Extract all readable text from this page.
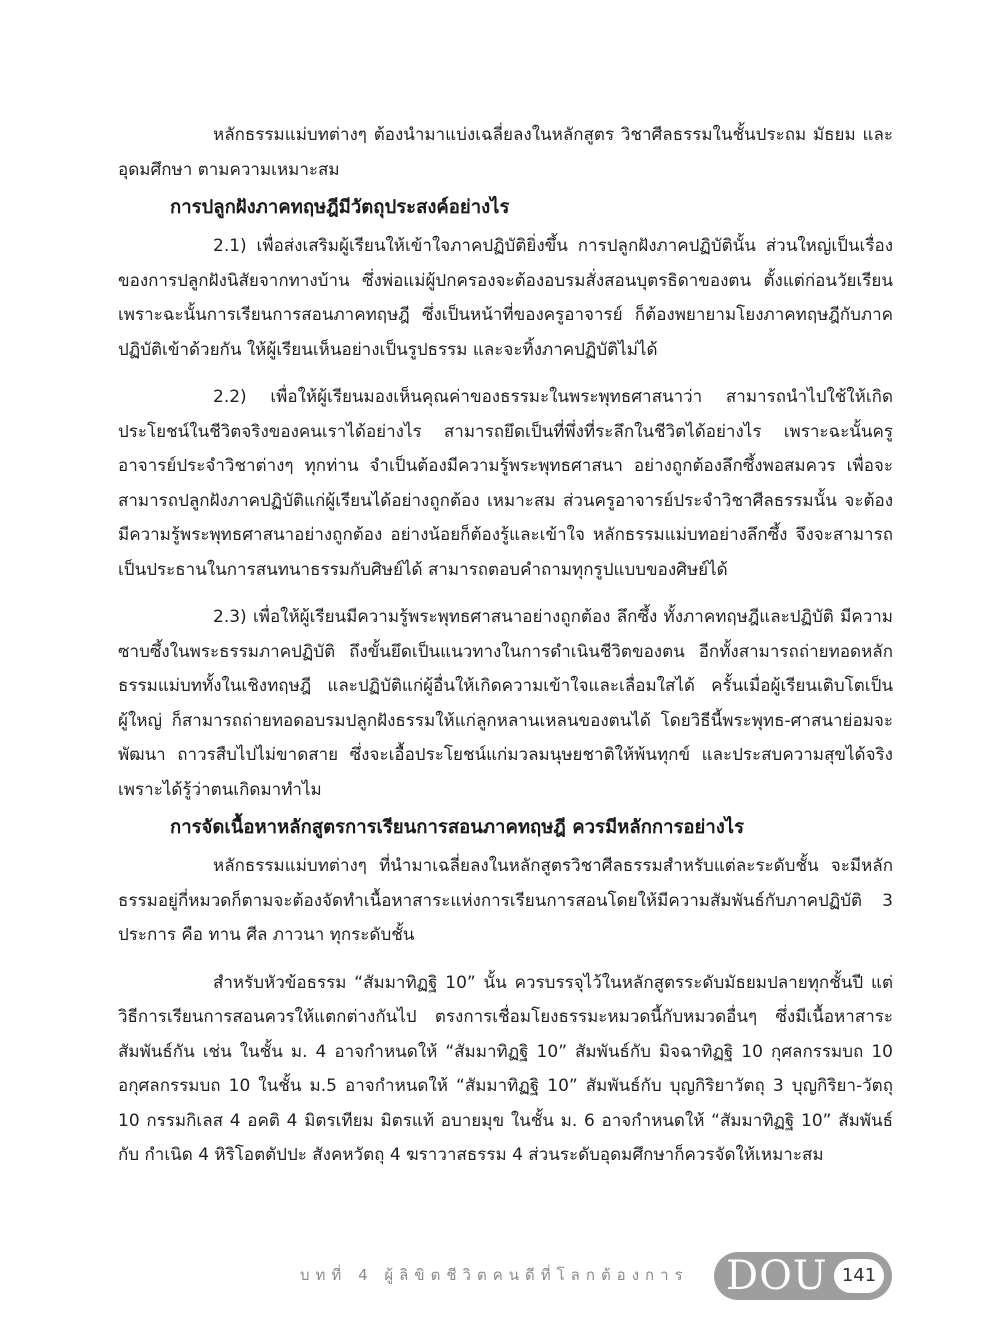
หลักธรรมแม่บทต่างๆ ต้องนำมาแบ่งเฉลี่ยลงในหลักสูตร วิชาศีลธรรมในชั้นประถม มัธยม และอุดมศึกษา ตามความเหมาะสม

การปลูกฝังภาคทฤษฎีมีวัตถุประสงค์อย่างไร

2.1) เพื่อส่งเสริมผู้เรียนให้เข้าใจภาคปฏิบัติยิ่งขึ้น การปลูกฝังภาคปฏิบัตินั้น ส่วนใหญ่เป็นเรื่องของการปลูกฝังนิสัยจากทางบ้าน ซึ่งพ่อแม่ผู้ปกครองจะต้องอบรมสั่งสอนบุตรธิดาของตน ตั้งแต่ก่อนวัยเรียน เพราะฉะนั้นการเรียนการสอนภาคทฤษฎี ซึ่งเป็นหน้าที่ของครูอาจารย์ ก็ต้องพยายามโยงภาคทฤษฎีกับภาคปฏิบัติเข้าด้วยกัน ให้ผู้เรียนเห็นอย่างเป็นรูปธรรม และจะทิ้งภาคปฏิบัติไม่ได้

2.2) เพื่อให้ผู้เรียนมองเห็นคุณค่าของธรรมะในพระพุทธศาสนาว่า สามารถนำไปใช้ให้เกิดประโยชน์ในชีวิตจริงของคนเราได้อย่างไร สามารถยึดเป็นที่พึ่งที่ระลึกในชีวิตได้อย่างไร เพราะฉะนั้นครูอาจารย์ประจำวิชาต่างๆ ทุกท่าน จำเป็นต้องมีความรู้พระพุทธศาสนา อย่างถูกต้องลึกซึ้งพอสมควร เพื่อจะสามารถปลูกฝังภาคปฏิบัติแก่ผู้เรียนได้อย่างถูกต้อง เหมาะสม ส่วนครูอาจารย์ประจำวิชาศีลธรรมนั้น จะต้องมีความรู้พระพุทธศาสนาอย่างถูกต้อง อย่างน้อยก็ต้องรู้และเข้าใจ หลักธรรมแม่บทอย่างลึกซึ้ง จึงจะสามารถเป็นประธานในการสนทนาธรรมกับศิษย์ได้ สามารถตอบคำถามทุกรูปแบบของศิษย์ได้

2.3) เพื่อให้ผู้เรียนมีความรู้พระพุทธศาสนาอย่างถูกต้อง ลึกซึ้ง ทั้งภาคทฤษฎีและปฏิบัติ มีความซาบซึ้งในพระธรรมภาคปฏิบัติ ถึงขั้นยึดเป็นแนวทางในการดำเนินชีวิตของตน อีกทั้งสามารถถ่ายทอดหลักธรรมแม่บททั้งในเชิงทฤษฎี และปฏิบัติแก่ผู้อื่นให้เกิดความเข้าใจและเลื่อมใสได้ ครั้นเมื่อผู้เรียนเติบโตเป็นผู้ใหญ่ ก็สามารถถ่ายทอดอบรมปลูกฝังธรรมให้แก่ลูกหลานเหลนของตนได้ โดยวิธีนี้พระพุทธ-ศาสนาย่อมจะพัฒนา ถาวรสืบไปไม่ขาดสาย ซึ่งจะเอื้อประโยชน์แก่มวลมนุษยชาติให้พ้นทุกข์ และประสบความสุขได้จริง เพราะได้รู้ว่าตนเกิดมาทำไม

การจัดเนื้อหาหลักสูตรการเรียนการสอนภาคทฤษฎี ควรมีหลักการอย่างไร

หลักธรรมแม่บทต่างๆ ที่นำมาเฉลี่ยลงในหลักสูตรวิชาศีลธรรมสำหรับแต่ละระดับชั้น จะมีหลักธรรมอยู่กี่หมวดก็ตามจะต้องจัดทำเนื้อหาสาระแห่งการเรียนการสอนโดยให้มีความสัมพันธ์กับภาคปฏิบัติ 3 ประการ คือ ทาน ศีล ภาวนา ทุกระดับชั้น

สำหรับหัวข้อธรรม “สัมมาทิฏฐิ 10” นั้น ควรบรรจุไว้ในหลักสูตรระดับมัธยมปลายทุกชั้นปี แต่วิธีการเรียนการสอนควรให้แตกต่างกันไป ตรงการเชื่อมโยงธรรมะหมวดนี้กับหมวดอื่นๆ ซึ่งมีเนื้อหาสาระสัมพันธ์กัน เช่น ในชั้น ม. 4 อาจกำหนดให้ “สัมมาทิฏฐิ 10” สัมพันธ์กับ มิจฉาทิฏฐิ 10 กุศลกรรมบถ 10 อกุศลกรรมบถ 10 ในชั้น ม.5 อาจกำหนดให้ “สัมมาทิฏฐิ 10” สัมพันธ์กับ บุญกิริยาวัตถุ 3 บุญกิริยา-วัตถุ 10 กรรมกิเลส 4 อคติ 4 มิตรเทียม มิตรแท้ อบายมุข ในชั้น ม. 6 อาจกำหนดให้ “สัมมาทิฏฐิ 10” สัมพันธ์กับ กำเนิด 4 หิริโอตตัปปะ สังคหวัตถุ 4 ฆราวาสธรรม 4 ส่วนระดับอุดมศึกษาก็ควรจัดให้เหมาะสม

บทที่ 4 ผู้ลิขิตชีวิตคนดีที่โลกต้องการ DOU 141
